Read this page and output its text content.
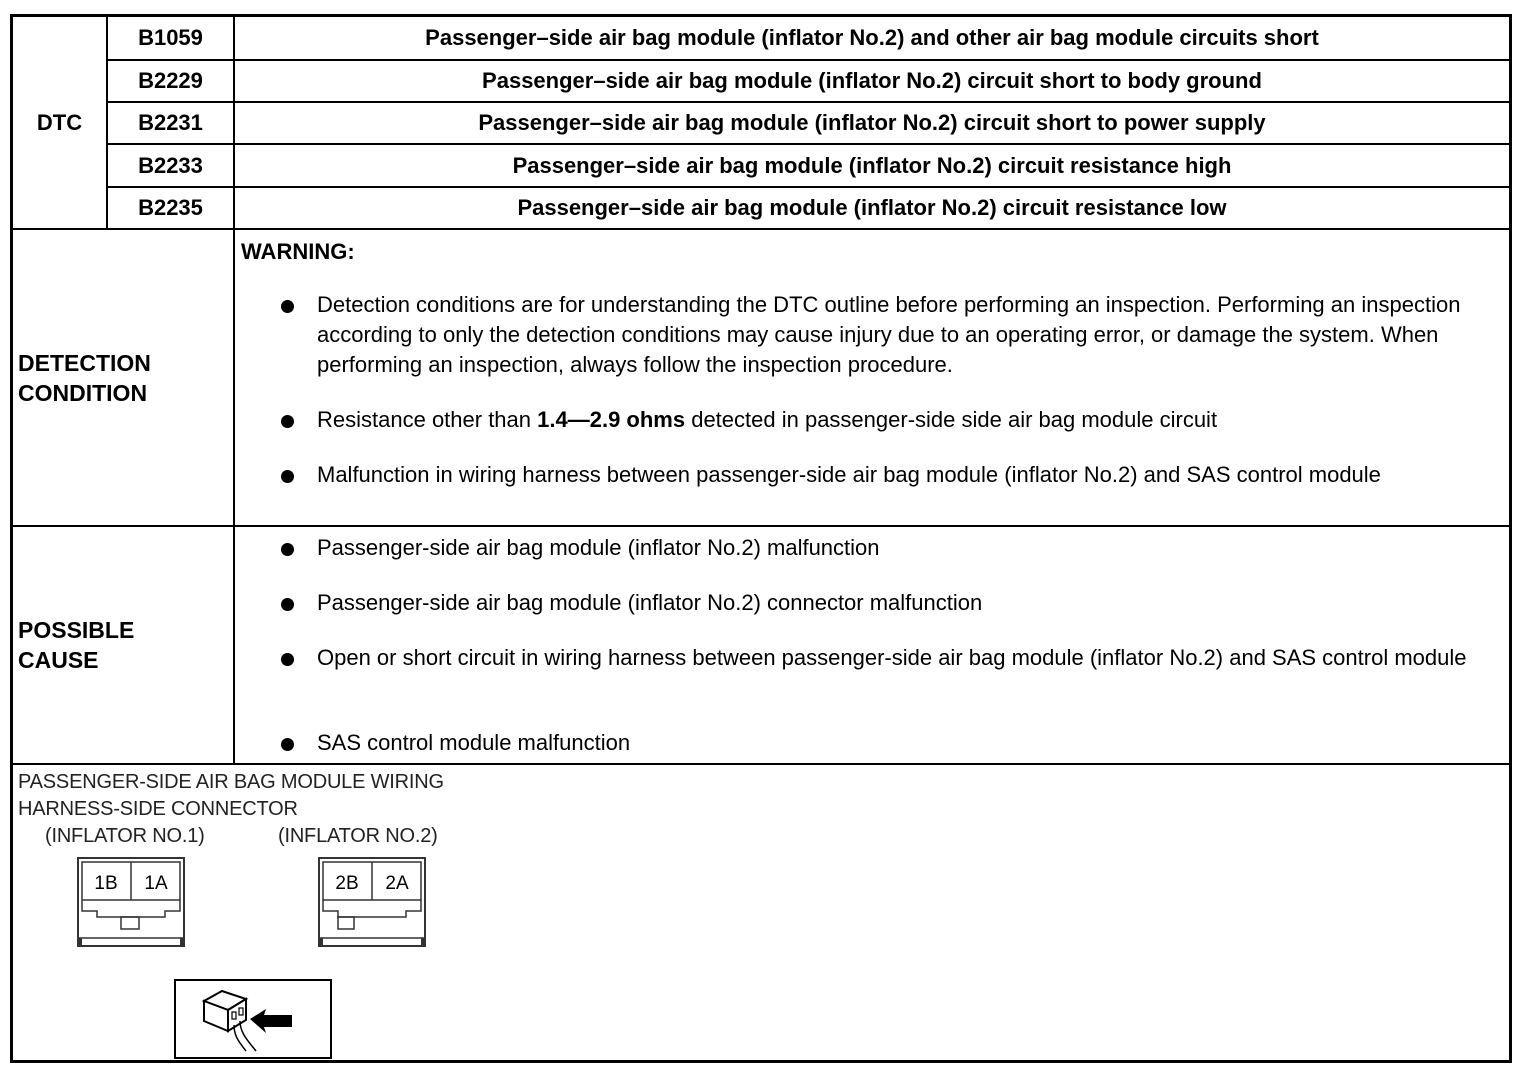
DTC
B1059	Passenger–side air bag module (inflator No.2) and other air bag module circuits short
B2229	Passenger–side air bag module (inflator No.2) circuit short to body ground
B2231	Passenger–side air bag module (inflator No.2) circuit short to power supply
B2233	Passenger–side air bag module (inflator No.2) circuit resistance high
B2235	Passenger–side air bag module (inflator No.2) circuit resistance low
DETECTION
CONDITION
WARNING:
Detection conditions are for understanding the DTC outline before performing an inspection. Performing an inspection according to only the detection conditions may cause injury due to an operating error, or damage the system. When performing an inspection, always follow the inspection procedure.
Resistance other than 1.4—2.9 ohms detected in passenger-side side air bag module circuit
Malfunction in wiring harness between passenger-side air bag module (inflator No.2) and SAS control module
POSSIBLE
CAUSE
Passenger-side air bag module (inflator No.2) malfunction
Passenger-side air bag module (inflator No.2) connector malfunction
Open or short circuit in wiring harness between passenger-side air bag module (inflator No.2) and SAS control module
SAS control module malfunction
PASSENGER-SIDE AIR BAG MODULE WIRING
HARNESS-SIDE CONNECTOR
(INFLATOR NO.1)	(INFLATOR NO.2)
1B 1A	2B 2A
